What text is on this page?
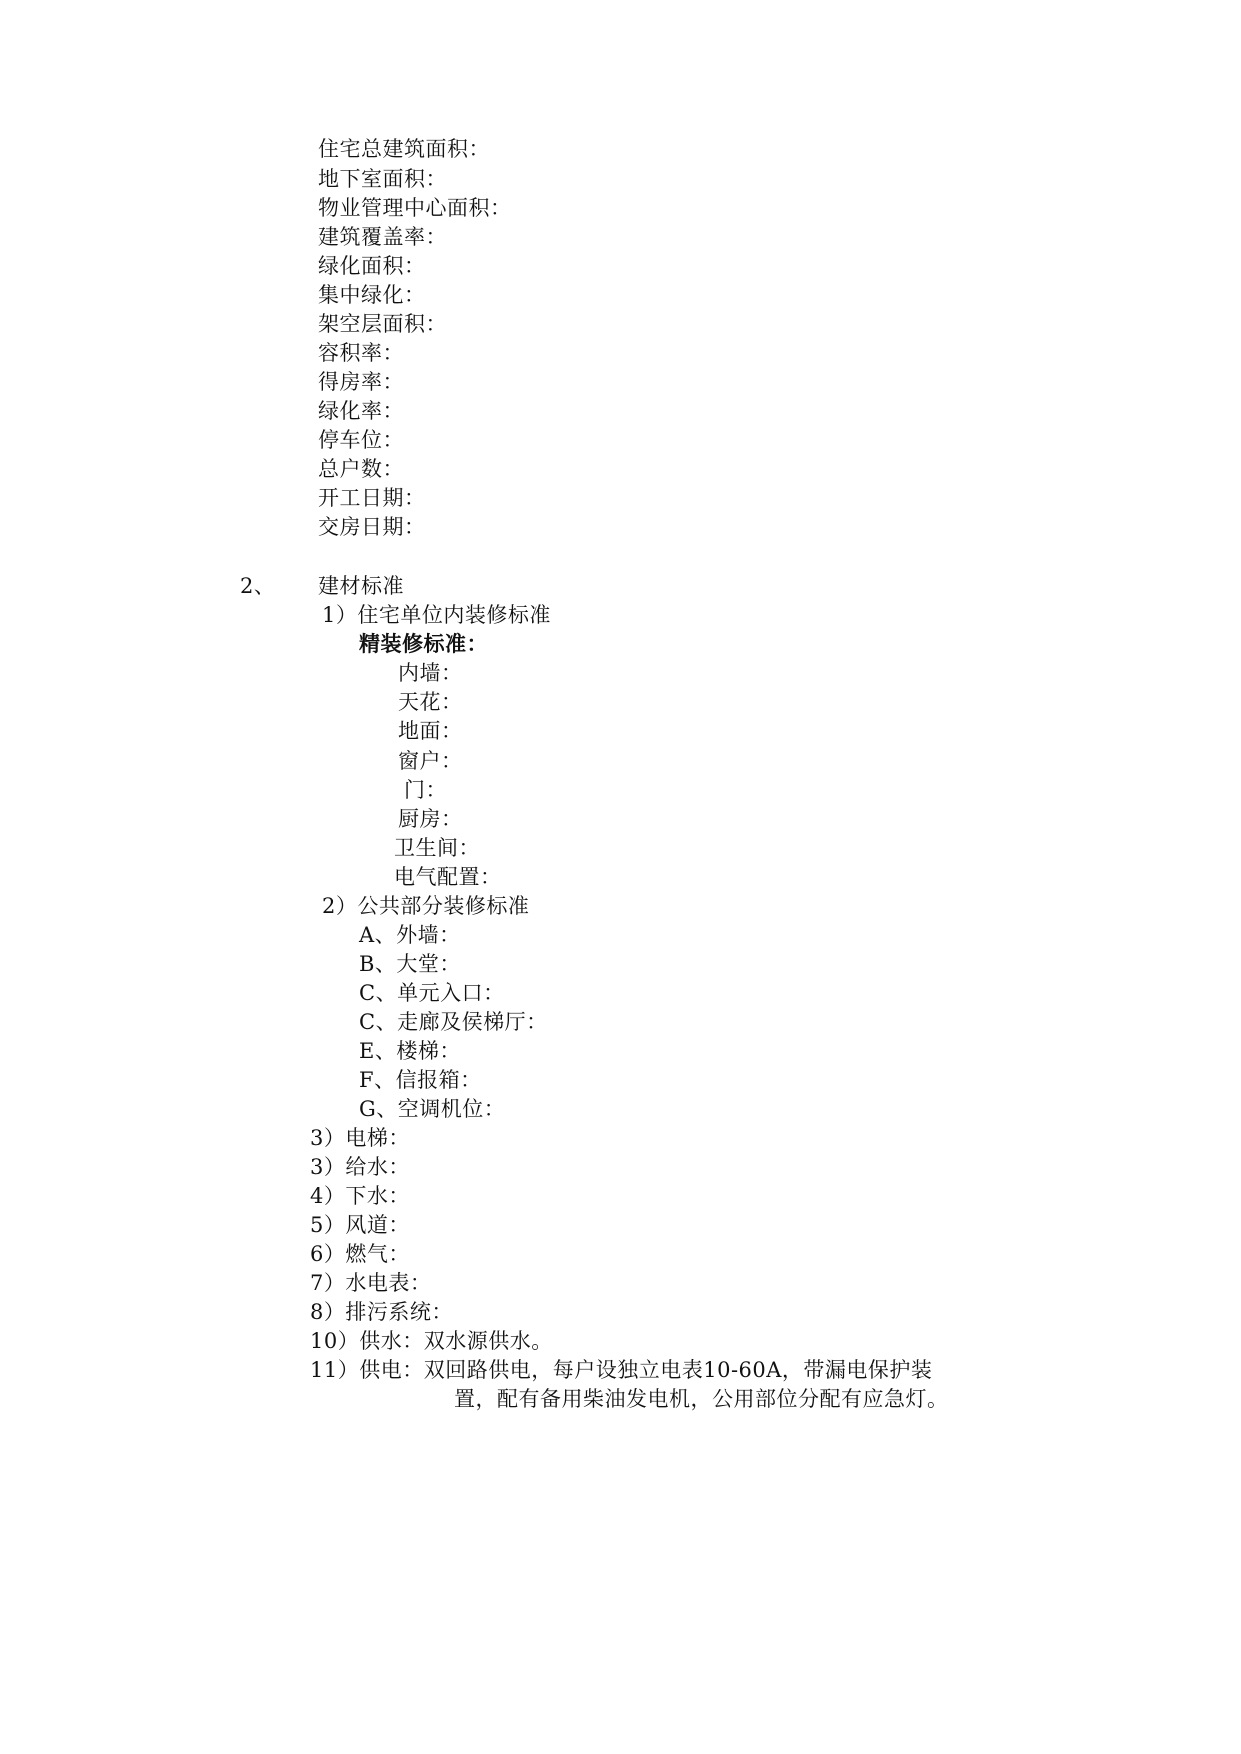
住宅总建筑面积：
地下室面积：
物业管理中心面积：
建筑覆盖率：
绿化面积：
集中绿化：
架空层面积：
容积率：
得房率：
绿化率：
停车位：
总户数：
开工日期：
交房日期：
2、 建材标准
1）住宅单位内装修标准
精装修标准：
内墙：
天花：
地面：
窗户：
门：
厨房：
卫生间：
电气配置：
2）公共部分装修标准
A、外墙：
B、大堂：
C、单元入口：
C、走廊及侯梯厅：
E、楼梯：
F、信报箱：
G、空调机位：
3）电梯：
3）给水：
4）下水：
5）风道：
6）燃气：
7）水电表：
8）排污系统：
10）供水：双水源供水。
11）供电：双回路供电，每户设独立电表10-60A，带漏电保护装
置，配有备用柴油发电机，公用部位分配有应急灯。
